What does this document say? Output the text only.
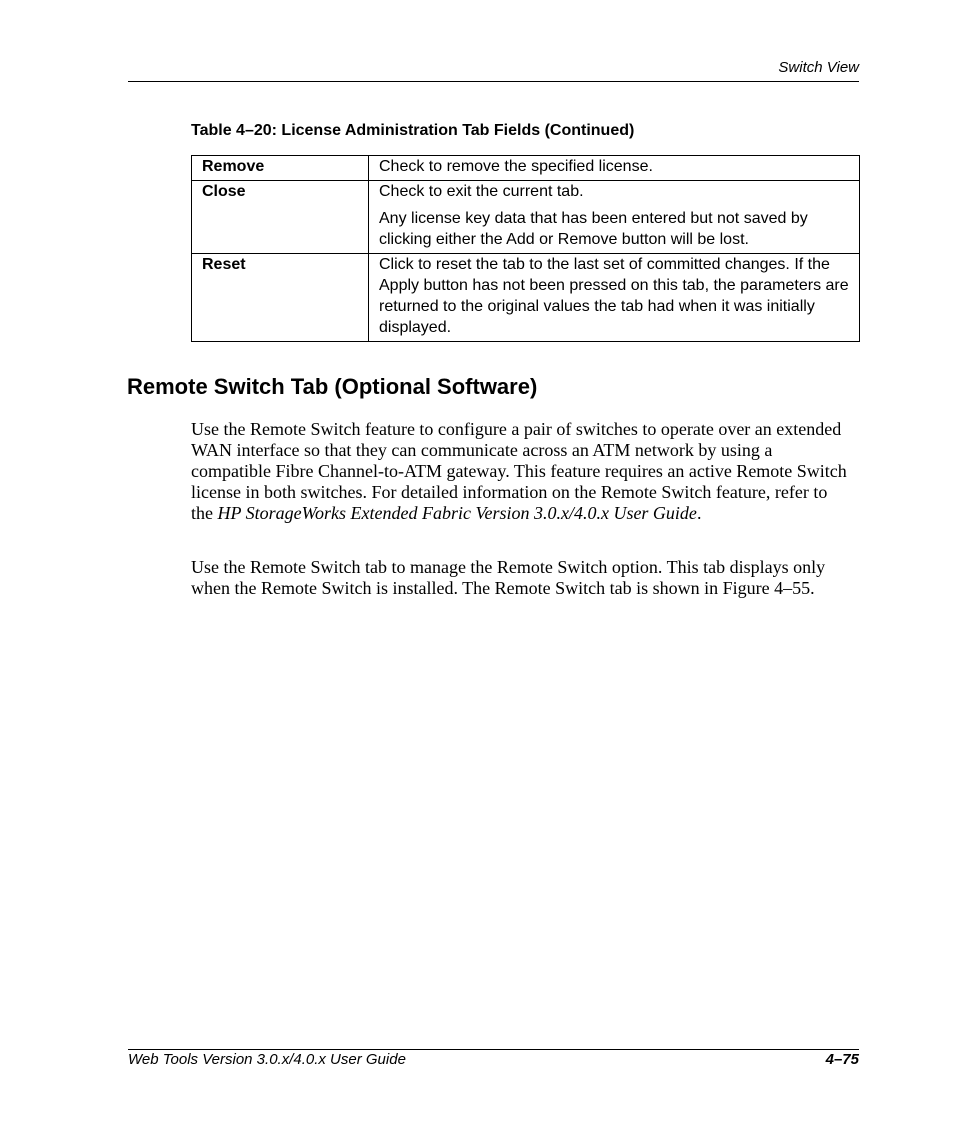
Switch View
Table 4–20: License Administration Tab Fields (Continued)
Remove	Check to remove the specified license.

Close	Check to exit the current tab.
Any license key data that has been entered but not saved by clicking either the Add or Remove button will be lost.

Reset	Click to reset the tab to the last set of committed changes. If the Apply button has not been pressed on this tab, the parameters are returned to the original values the tab had when it was initially displayed.
Remote Switch Tab (Optional Software)

Use the Remote Switch feature to configure a pair of switches to operate over an extended WAN interface so that they can communicate across an ATM network by using a compatible Fibre Channel-to-ATM gateway. This feature requires an active Remote Switch license in both switches. For detailed information on the Remote Switch feature, refer to the HP StorageWorks Extended Fabric Version 3.0.x/4.0.x User Guide.

Use the Remote Switch tab to manage the Remote Switch option. This tab displays only when the Remote Switch is installed. The Remote Switch tab is shown in Figure 4–55.

Web Tools Version 3.0.x/4.0.x User Guide	4–75
